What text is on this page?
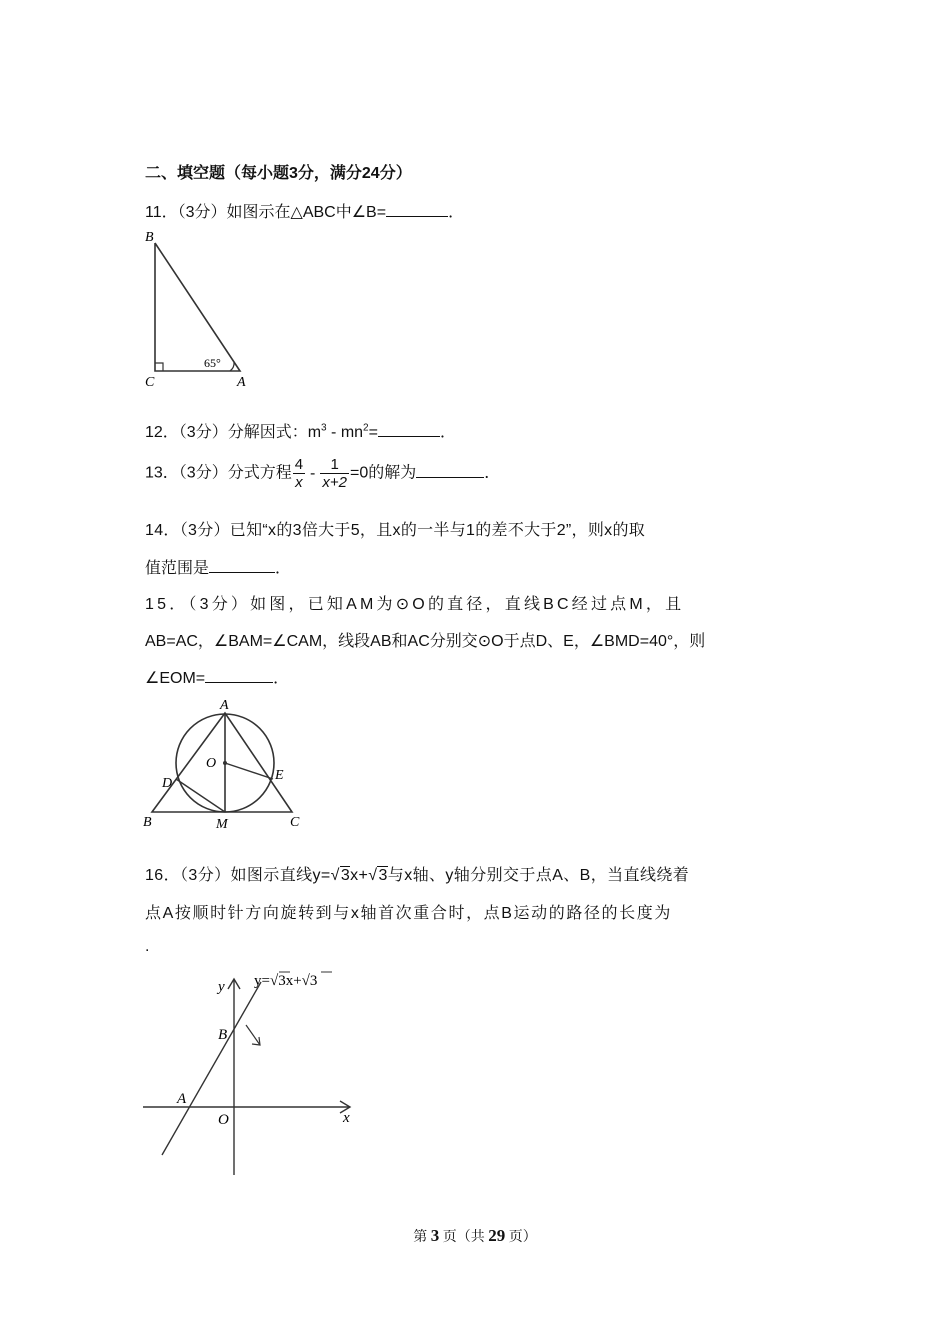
二、填空题（每小题3分，满分24分）
11．（3分）如图示在△ABC中∠B=	．
B
C	A
65°
12．（3分）分解因式：$m^3 - mn^2=$	．
13．（3分）分式方程 $\frac{4}{x} - \frac{1}{x+2} =0$的解为	．
14．（3分）已知“x的3倍大于5，且x的一半与1的差不大于2”，则x的取
值范围是	．
15．（3分）如图，已知AM为⊙O的直径，直线BC经过点M，且
AB=AC，∠BAM=∠CAM，线段AB和AC分别交⊙O于点D、E，∠BMD=40°，则
∠EOM=	．
A
O
D
E
B	M	C
16．（3分）如图示直线y=√3x+√3与x轴、y轴分别交于点A、B，当直线绕着
点A按顺时针方向旋转到与x轴首次重合时，点B运动的路径的长度为
.
y=√3x+√3
y
x
B
A
O
第 3 页（共 29 页）
